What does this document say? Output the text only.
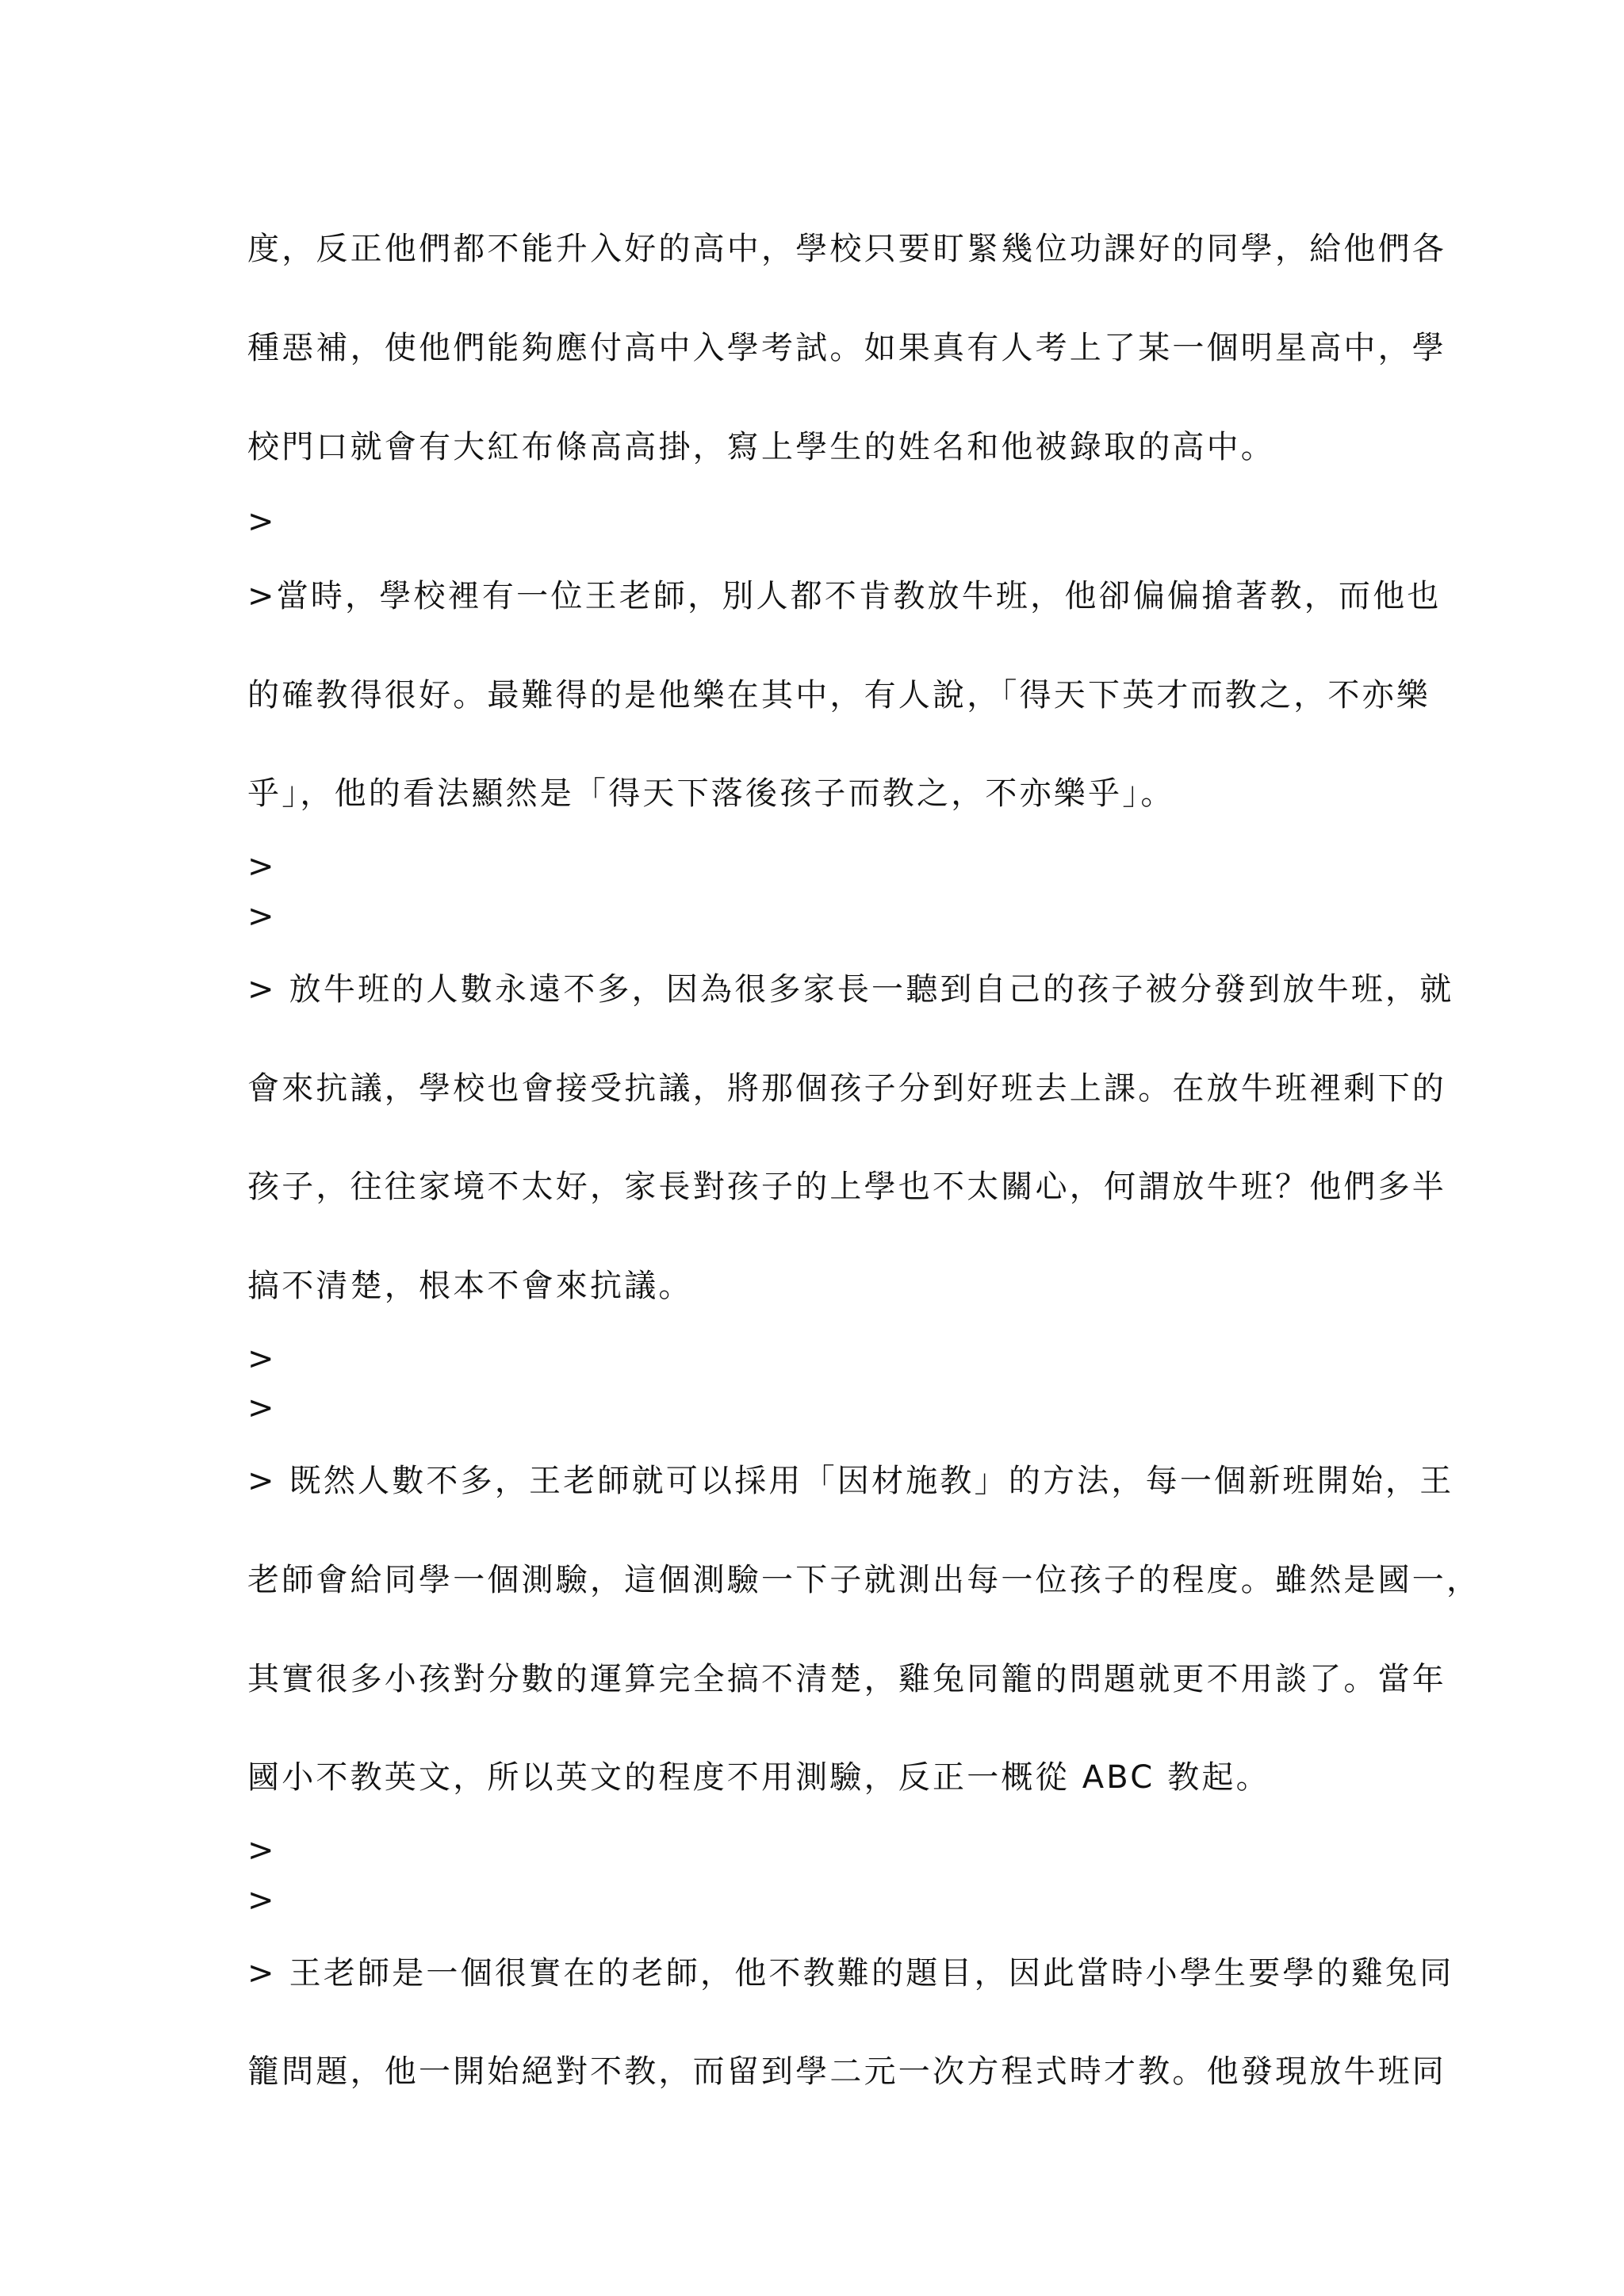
度，反正他們都不能升入好的高中，學校只要盯緊幾位功課好的同學，給他們各
種惡補，使他們能夠應付高中入學考試。如果真有人考上了某一個明星高中，學
校門口就會有大紅布條高高掛，寫上學生的姓名和他被錄取的高中。
>
>當時，學校裡有一位王老師，別人都不肯教放牛班，他卻偏偏搶著教，而他也
的確教得很好。最難得的是他樂在其中，有人說，「得天下英才而教之，不亦樂
乎」，他的看法顯然是「得天下落後孩子而教之，不亦樂乎」。
>
>
> 放牛班的人數永遠不多，因為很多家長一聽到自己的孩子被分發到放牛班，就
會來抗議，學校也會接受抗議，將那個孩子分到好班去上課。在放牛班裡剩下的
孩子，往往家境不太好，家長對孩子的上學也不太關心，何謂放牛班？他們多半
搞不清楚，根本不會來抗議。
>
>
> 既然人數不多，王老師就可以採用「因材施教」的方法，每一個新班開始，王
老師會給同學一個測驗，這個測驗一下子就測出每一位孩子的程度。雖然是國一，
其實很多小孩對分數的運算完全搞不清楚，雞兔同籠的問題就更不用談了。當年
國小不教英文，所以英文的程度不用測驗，反正一概從 ABC 教起。
>
>
> 王老師是一個很實在的老師，他不教難的題目，因此當時小學生要學的雞兔同
籠問題，他一開始絕對不教，而留到學二元一次方程式時才教。他發現放牛班同
